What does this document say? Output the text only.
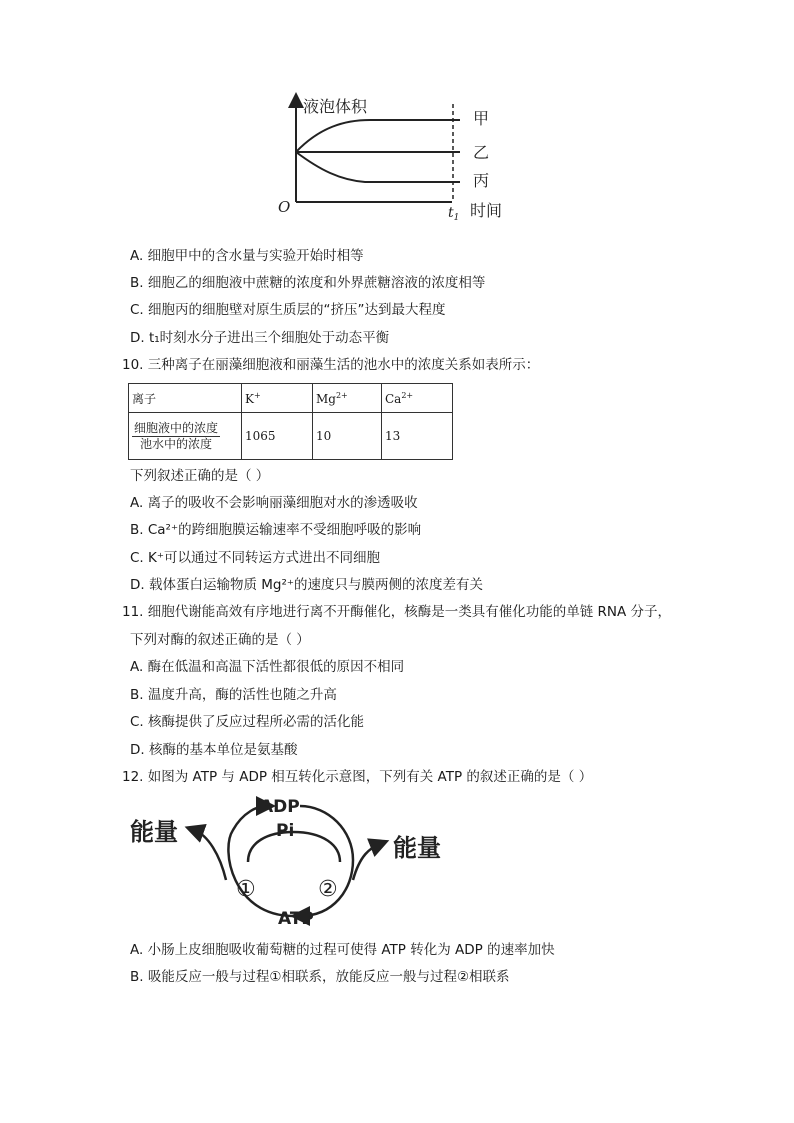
液泡体积
O	$t_1$ 时间
甲
乙
丙
A. 细胞甲中的含水量与实验开始时相等
B. 细胞乙的细胞液中蔗糖的浓度和外界蔗糖溶液的浓度相等
C. 细胞丙的细胞壁对原生质层的“挤压”达到最大程度
D. t₁时刻水分子进出三个细胞处于动态平衡
10. 三种离子在丽藻细胞液和丽藻生活的池水中的浓度关系如表所示：
离子	K+	$Mg^{2+}$	$Ca^{2+}$

$\frac{\text{细胞液中的浓度}}{\text{池水中的浓度}}$	1065	10	13
下列叙述正确的是（ ）
A. 离子的吸收不会影响丽藻细胞对水的渗透吸收
B. Ca²⁺的跨细胞膜运输速率不受细胞呼吸的影响
C. K⁺可以通过不同转运方式进出不同细胞
D. 载体蛋白运输物质 Mg²⁺的速度只与膜两侧的浓度差有关
11. 细胞代谢能高效有序地进行离不开酶催化，核酶是一类具有催化功能的单链 RNA 分子，
下列对酶的叙述正确的是（ ）
A. 酶在低温和高温下活性都很低的原因不相同
B. 温度升高，酶的活性也随之升高
C. 核酶提供了反应过程所必需的活化能
D. 核酶的基本单位是氨基酸
12. 如图为 ATP 与 ADP 相互转化示意图，下列有关 ATP 的叙述正确的是（ ）
能量
能量
ADP
Pi
ATP
①	②
A. 小肠上皮细胞吸收葡萄糖的过程可使得 ATP 转化为 ADP 的速率加快
B. 吸能反应一般与过程①相联系，放能反应一般与过程②相联系
